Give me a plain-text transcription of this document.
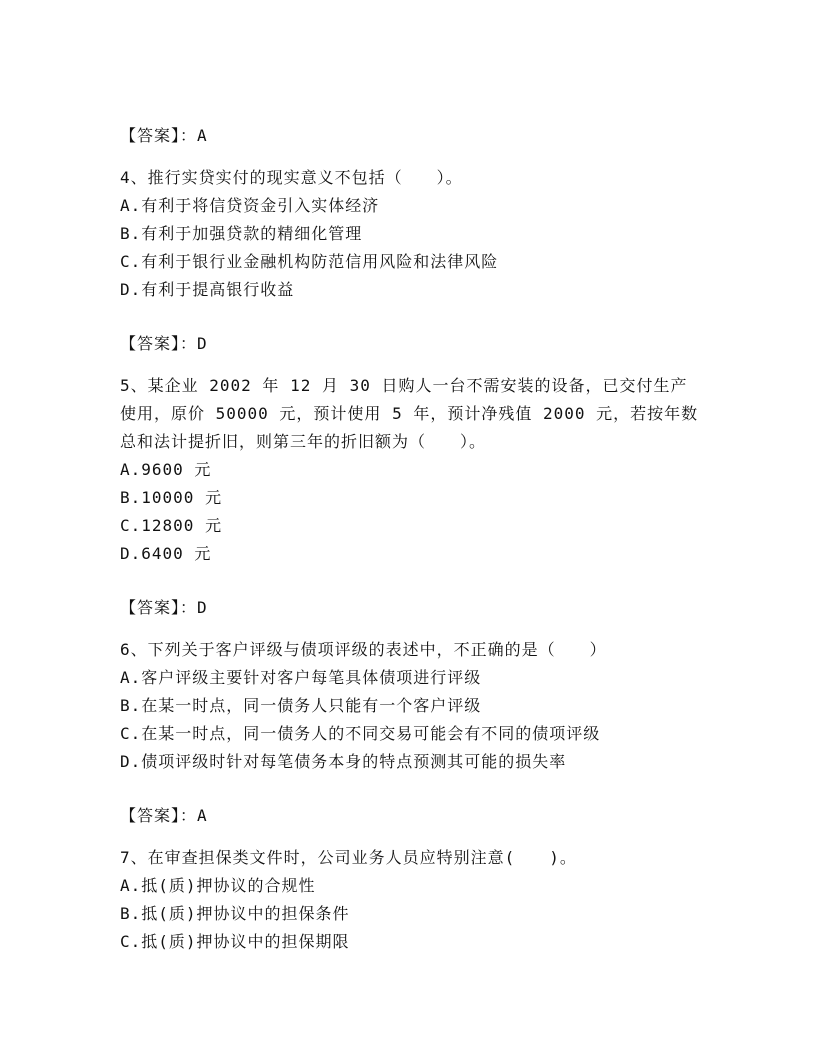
【答案】：A
4、推行实贷实付的现实意义不包括（　　）。
A.有利于将信贷资金引入实体经济
B.有利于加强贷款的精细化管理
C.有利于银行业金融机构防范信用风险和法律风险
D.有利于提高银行收益
【答案】：D
5、某企业 2002 年 12 月 30 日购人一台不需安装的设备，已交付生产
使用，原价 50000 元，预计使用 5 年，预计净残值 2000 元，若按年数
总和法计提折旧，则第三年的折旧额为（　　）。
A.9600 元
B.10000 元
C.12800 元
D.6400 元
【答案】：D
6、下列关于客户评级与债项评级的表述中，不正确的是（　　）
A.客户评级主要针对客户每笔具体债项进行评级
B.在某一时点，同一债务人只能有一个客户评级
C.在某一时点，同一债务人的不同交易可能会有不同的债项评级
D.债项评级时针对每笔债务本身的特点预测其可能的损失率
【答案】：A
7、在审查担保类文件时，公司业务人员应特别注意(　　)。
A.抵(质)押协议的合规性
B.抵(质)押协议中的担保条件
C.抵(质)押协议中的担保期限
